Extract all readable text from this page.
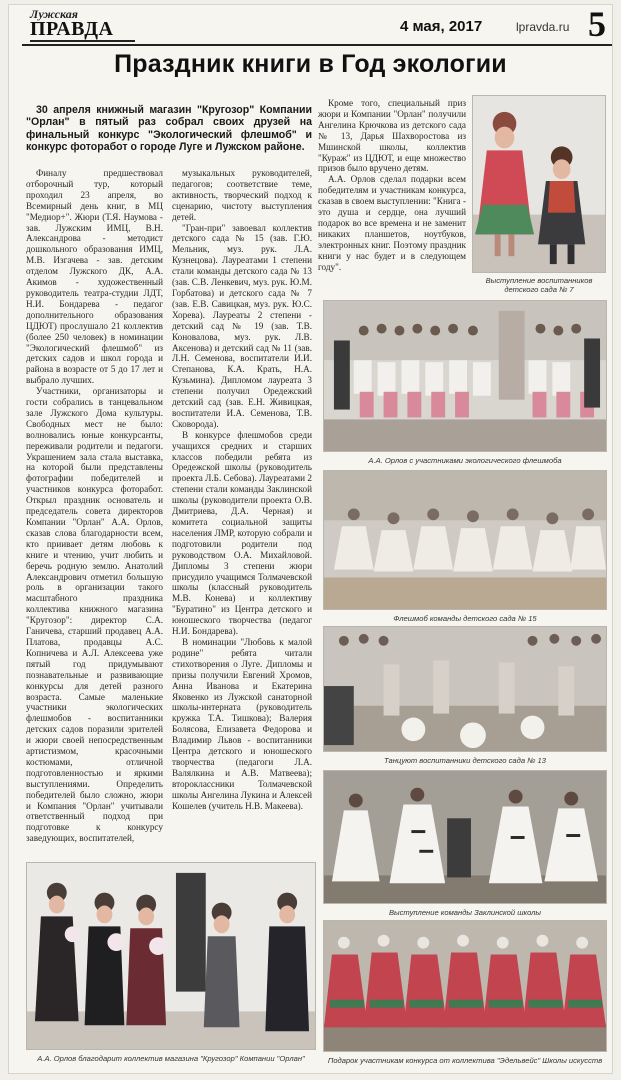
Лужская
ПРАВДА	4 мая, 2017	lpravda.ru 5
Праздник книги в Год экологии
30 апреля книжный магазин "Кругозор" Компании "Орлан" в пятый раз собрал своих друзей на финальный конкурс "Экологический флешмоб" и конкурс фоторабот о городе Луге и Лужском районе.

Финалу предшествовал отборочный тур, который проходил 23 апреля, во Всемирный день книг, в МЦ "Медиор+". Жюри (Т.Я. Наумова - зав. Лужским ИМЦ, В.Н. Александрова - методист дошкольного образования ИМЦ, М.В. Изгачева - зав. детским отделом Лужского ДК, А.А. Акимов - художественный руководитель театра-студии ЛДТ, Н.И. Бондарева - педагог дополнительного образования ЦДЮТ) прослушало 21 коллектив (более 250 человек) в номинации "Экологический флешмоб" из детских садов и школ города и района в возрасте от 5 до 17 лет и выбрало лучших.

Участники, организаторы и гости собрались в танцевальном зале Лужского Дома культуры. Свободных мест не было: волновались юные конкурсанты, переживали родители и педагоги. Украшением зала стала выставка, на которой были представлены фотографии победителей и участников конкурса фоторабот. Открыл праздник основатель и председатель совета директоров Компании "Орлан" А.А. Орлов, сказав слова благодарности всем, кто приивает детям любовь к книге и чтению, учит любить и беречь родную землю. Анатолий Александрович отметил большую роль в организации такого масштабного праздника коллектива книжного магазина "Кругозор": директор С.А. Ганичева, старший продавец А.А. Платова, продавцы А.С. Копничева и А.Л. Алексеева уже пятый год придумывают познавательные и развивающие конкурсы для детей разного возраста. Самые маленькие участники экологических флешмобов - воспитанники детских садов поразили зрителей и жюри своей непосредственным артистизмом, красочными костюмами, отличной подготовленностью и яркими выступлениями. Определить победителей было сложно, жюри и Компания "Орлан" учитывали ответственный подход при подготовке к конкурсу заведующих, воспитателей,

музыкальных руководителей, педагогов; соответствие теме, активность, творческий подход к сценарию, чистоту выступления детей.

"Гран-при" завоевал коллектив детского сада № 15 (зав. Г.Ю. Мельник, муз. рук. Л.А. Кузнецова). Лауреатами 1 степени стали команды детского сада № 13 (зав. С.В. Ленкевич, муз. рук. Ю.М. Горбатова) и детского сада № 7 (зав. Е.В. Савицкая, муз. рук. Ю.С. Хорева). Лауреаты 2 степени - детский сад № 19 (зав. Т.В. Коновалова, муз. рук. Л.В. Аксенова) и детский сад № 11 (зав. Л.Н. Семенова, воспитатели И.И. Степанова, К.А. Крать, Н.А. Кузьмина). Дипломом лауреата 3 степени получил Оредежский детский сад (зав. Е.Н. Живицкая, воспитатели И.А. Семенова, Т.В. Сковорода).

В конкурсе флешмобов среди учащихся средних и старших классов победили ребята из Оредежской школы (руководитель проекта Л.Б. Себова). Лауреатами 2 степени стали команды Заклинской школы (руководители проекта О.В. Дмитриева, Д.А. Черная) и комитета социальной защиты населения ЛМР, которую собрали и подготовили родители под руководством О.А. Михайловой. Дипломы 3 степени жюри присудило учащимся Толмачевской школы (классный руководитель М.В. Конева) и коллективу "Буратино" из Центра детского и юношеского творчества (педагог Н.И. Бондарева).

В номинации "Любовь к малой родине" ребята читали стихотворения о Луге. Дипломы и призы получили Евгений Хромов, Анна Иванова и Екатерина Яковенко из Лужской санаторной школы-интерната (руководитель кружка Т.А. Тишкова); Валерия Болясова, Елизавета Федорова и Владимир Львов - воспитанники Центра детского и юношеского творчества (педагоги Л.А. Валялкина и А.В. Матвеева); второклассники Толмачевской школы Ангелина Лукина и Алексей Кошелев (учитель Н.В. Макеева).

Кроме того, специальный приз жюри и Компании "Орлан" получили Ангелина Крючкова из детского сада № 13, Дарья Шахворостова из Мшинской школы, коллектив "Кураж" из ЦДЮТ, и еще множество призов было вручено детям.

А.А. Орлов сделал подарки всем победителям и участникам конкурса, сказав в своем выступлении: "Книга - это душа и сердце, она лучший подарок во все времена и не заменит никаких планшетов, ноутбуков, электронных книг. Поэтому праздник книги у нас будет и в следующем году".

Выступление воспитанников детского сада № 7
А.А. Орлов с участниками экологического флешмоба
Флешмоб команды детского сада № 15
Танцуют воспитанники детского сада № 13
Выступление команды Заклинской школы
А.А. Орлов благодарит коллектив магазина "Кругозор" Компании "Орлан"	Подарок участникам конкурса от коллектива "Эдельвейс" Школы искусств
